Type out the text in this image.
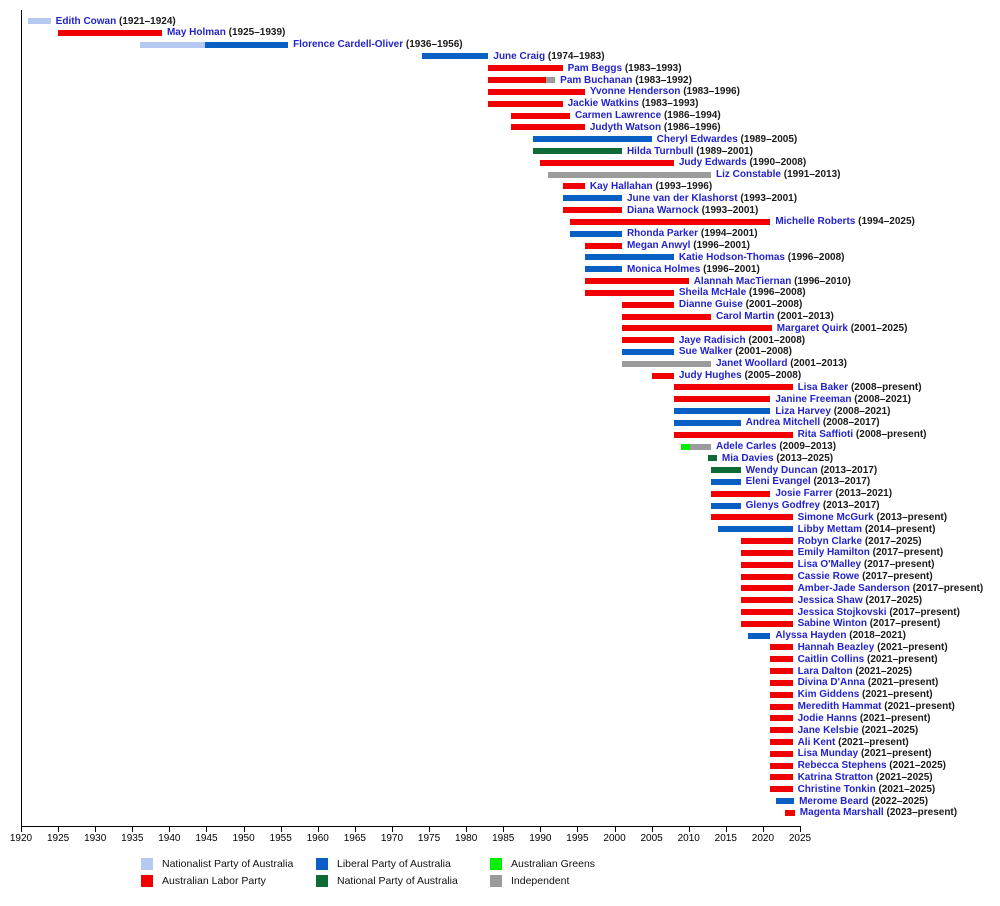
Edith Cowan (1921–1924)
May Holman (1925–1939)
Florence Cardell-Oliver (1936–1956)
June Craig (1974–1983)
Pam Beggs (1983–1993)
Pam Buchanan (1983–1992)
Yvonne Henderson (1983–1996)
Jackie Watkins (1983–1993)
Carmen Lawrence (1986–1994)
Judyth Watson (1986–1996)
Cheryl Edwardes (1989–2005)
Hilda Turnbull (1989–2001)
Judy Edwards (1990–2008)
Liz Constable (1991–2013)
Kay Hallahan (1993–1996)
June van der Klashorst (1993–2001)
Diana Warnock (1993–2001)
Michelle Roberts (1994–2025)
Rhonda Parker (1994–2001)
Megan Anwyl (1996–2001)
Katie Hodson-Thomas (1996–2008)
Monica Holmes (1996–2001)
Alannah MacTiernan (1996–2010)
Sheila McHale (1996–2008)
Dianne Guise (2001–2008)
Carol Martin (2001–2013)
Margaret Quirk (2001–2025)
Jaye Radisich (2001–2008)
Sue Walker (2001–2008)
Janet Woollard (2001–2013)
Judy Hughes (2005–2008)
Lisa Baker (2008–present)
Janine Freeman (2008–2021)
Liza Harvey (2008–2021)
Andrea Mitchell (2008–2017)
Rita Saffioti (2008–present)
Adele Carles (2009–2013)
Mia Davies (2013–2025)
Wendy Duncan (2013–2017)
Eleni Evangel (2013–2017)
Josie Farrer (2013–2021)
Glenys Godfrey (2013–2017)
Simone McGurk (2013–present)
Libby Mettam (2014–present)
Robyn Clarke (2017–2025)
Emily Hamilton (2017–present)
Lisa O'Malley (2017–present)
Cassie Rowe (2017–present)
Amber-Jade Sanderson (2017–present)
Jessica Shaw (2017–2025)
Jessica Stojkovski (2017–present)
Sabine Winton (2017–present)
Alyssa Hayden (2018–2021)
Hannah Beazley (2021–present)
Caitlin Collins (2021–present)
Lara Dalton (2021–2025)
Divina D'Anna (2021–present)
Kim Giddens (2021–present)
Meredith Hammat (2021–present)
Jodie Hanns (2021–present)
Jane Kelsbie (2021–2025)
Ali Kent (2021–present)
Lisa Munday (2021–present)
Rebecca Stephens (2021–2025)
Katrina Stratton (2021–2025)
Christine Tonkin (2021–2025)
Merome Beard (2022–2025)
Magenta Marshall (2023–present)
1920	1925	1930	1935	1940	1945	1950	1955	1960	1965	1970	1975	1980	1985	1990	1995	2000	2005	2010	2015	2020	2025
Nationalist Party of Australia
Australian Labor Party
Liberal Party of Australia
National Party of Australia
Australian Greens
Independent
